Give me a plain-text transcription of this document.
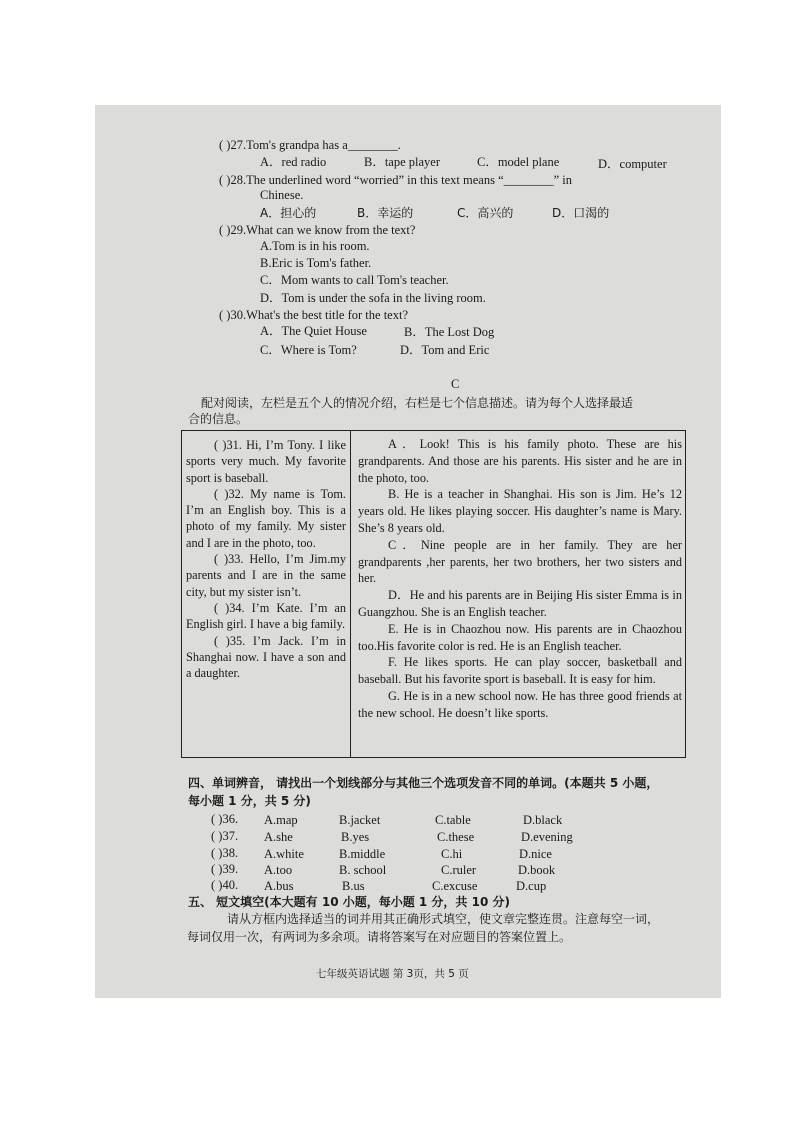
( )27.Tom's grandpa has a________.
A．red radio	B．tape player	C．model plane	D．computer
( )28.The underlined word “worried” in this text means “________” in
Chinese.
A．担心的	B．幸运的	C．高兴的	D．口渴的
( )29.What can we know from the text?
A.Tom is in his room.
B.Eric is Tom's father.
C．Mom wants to call Tom's teacher.
D．Tom is under the sofa in the living room.
( )30.What's the best title for the text?
A．The Quiet House	B．The Lost Dog
C．Where is Tom?	D．Tom and Eric
C
配对阅读，左栏是五个人的情况介绍，右栏是七个信息描述。请为每个人选择最适
合的信息。

( )31. Hi, I’m Tony. I like sports very much. My favorite sport is baseball.

( )32. My name is Tom. I’m an English boy. This is a photo of my family. My sister and I are in the photo, too.

( )33. Hello, I’m Jim.my parents and I are in the same city, but my sister isn’t.

( )34. I’m Kate. I’m an English girl. I have a big family.

( )35. I’m Jack. I’m in Shanghai now. I have a son and a daughter.

A．Look! This is his family photo. These are his grandparents. And those are his parents. His sister and he are in the photo, too.

B. He is a teacher in Shanghai. His son is Jim. He’s 12 years old. He likes playing soccer. His daughter’s name is Mary. She’s 8 years old.

C．Nine people are in her family. They are her grandparents ,her parents, her two brothers, her two sisters and her.

D．He and his parents are in Beijing His sister Emma is in Guangzhou. She is an English teacher.

E. He is in Chaozhou now. His parents are in Chaozhou too.His favorite color is red. He is an English teacher.

F. He likes sports. He can play soccer, basketball and baseball. But his favorite sport is baseball. It is easy for him.

G. He is in a new school now. He has three good friends at the new school. He doesn’t like sports.

四、单词辨音， 请找出一个划线部分与其他三个选项发音不同的单词。(本题共 5 小题，
每小题 1 分，共 5 分)
( )36. A.map	B.jacket	C.table	D.black
( )37. A.she	B.yes	C.these	D.evening
( )38. A.white	B.middle	C.hi	D.nice
( )39. A.too	B. school	C.ruler	D.book
( )40. A.bus	B.us	C.excuse	D.cup
五、 短文填空(本大题有 10 小题，每小题 1 分，共 10 分)
请从方框内选择适当的词并用其正确形式填空，使文章完整连贯。注意每空一词，
每词仅用一次，有两词为多余项。请将答案写在对应题目的答案位置上。
七年级英语试题 第 3页，共 5 页
